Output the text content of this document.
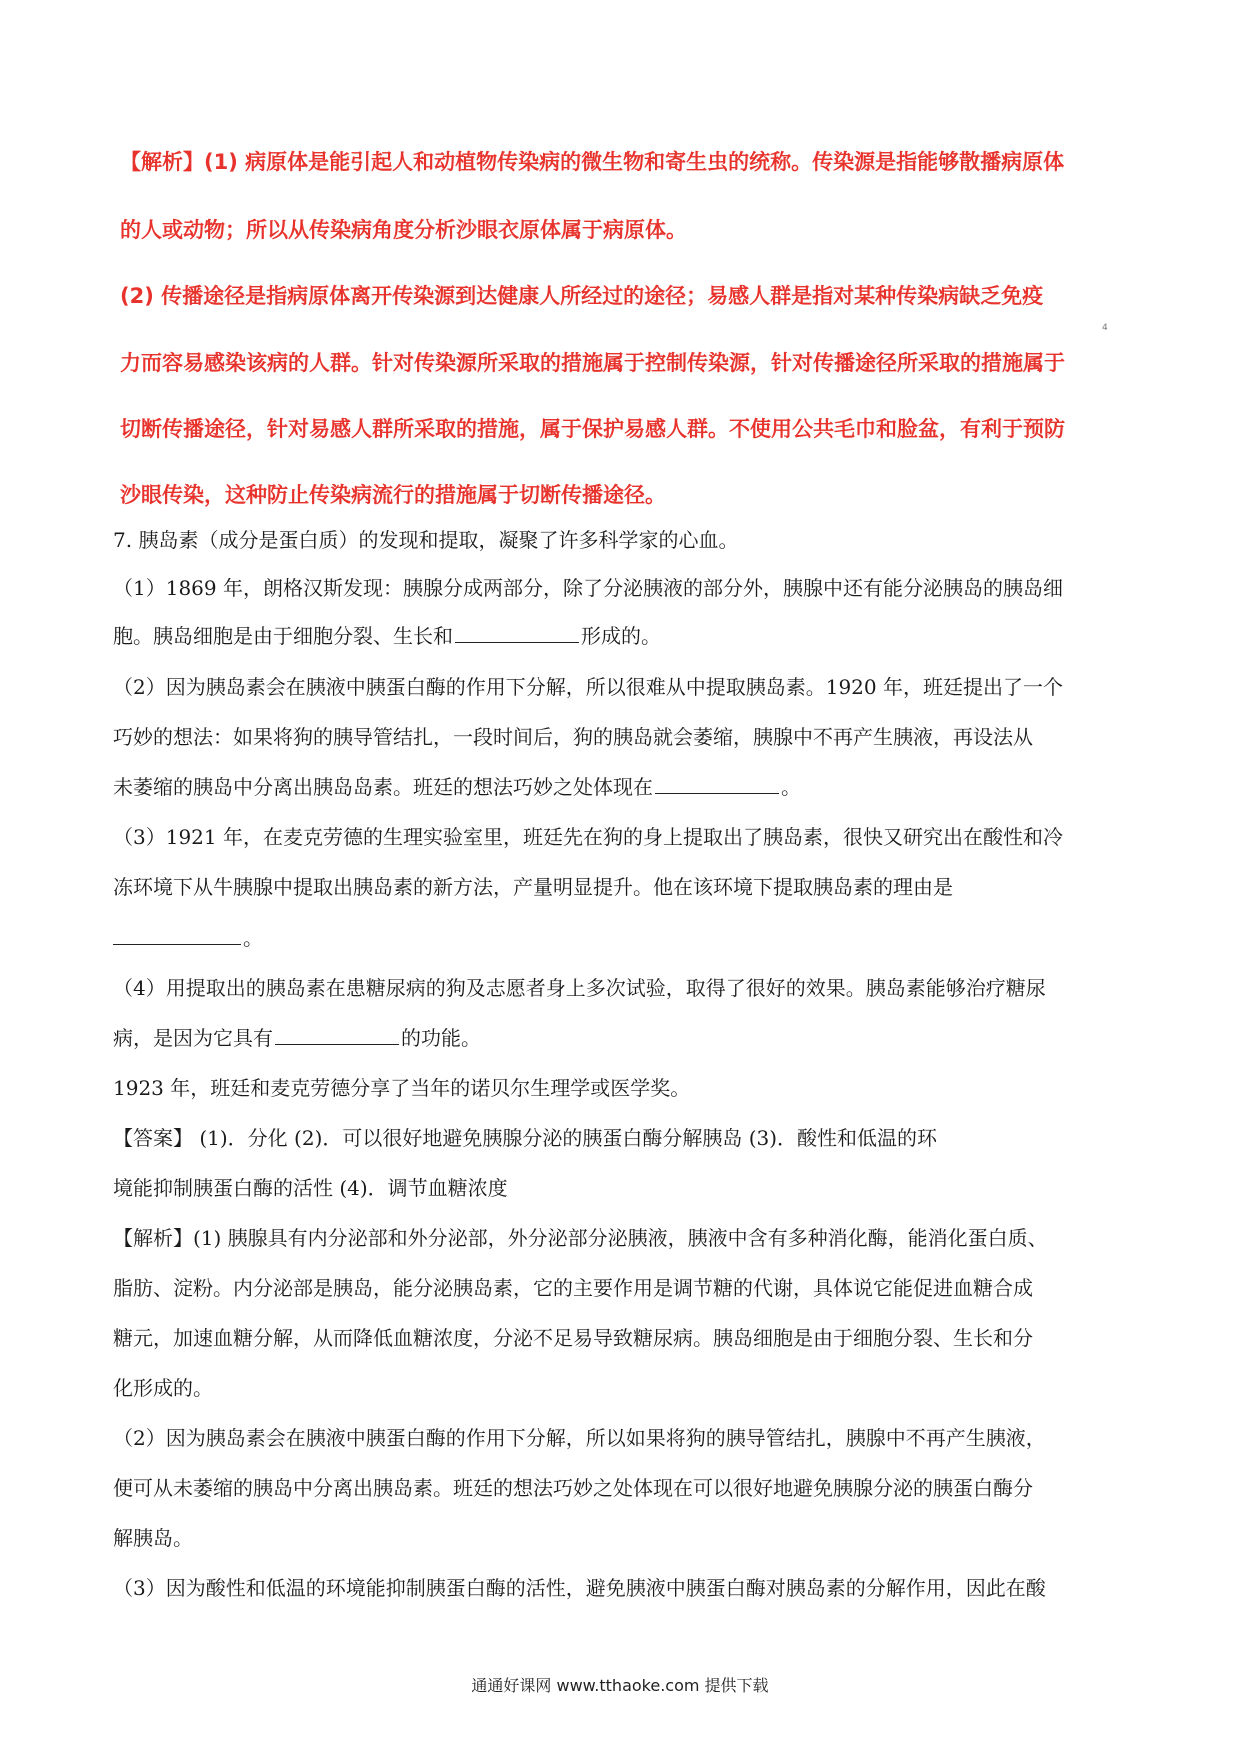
【解析】(1) 病原体是能引起人和动植物传染病的微生物和寄生虫的统称。传染源是指能够散播病原体
的人或动物；所以从传染病角度分析沙眼衣原体属于病原体。
(2) 传播途径是指病原体离开传染源到达健康人所经过的途径；易感人群是指对某种传染病缺乏免疫
力而容易感染该病的人群。针对传染源所采取的措施属于控制传染源，针对传播途径所采取的措施属于
切断传播途径，针对易感人群所采取的措施，属于保护易感人群。不使用公共毛巾和脸盆，有利于预防
沙眼传染，这种防止传染病流行的措施属于切断传播途径。
4
7. 胰岛素（成分是蛋白质）的发现和提取，凝聚了许多科学家的心血。
（1）1869 年，朗格汉斯发现：胰腺分成两部分，除了分泌胰液的部分外，胰腺中还有能分泌胰岛的胰岛细
胞。胰岛细胞是由于细胞分裂、生长和	形成的。
（2）因为胰岛素会在胰液中胰蛋白酶的作用下分解，所以很难从中提取胰岛素。1920 年，班廷提出了一个
巧妙的想法：如果将狗的胰导管结扎，一段时间后，狗的胰岛就会萎缩，胰腺中不再产生胰液，再设法从
未萎缩的胰岛中分离出胰岛岛素。班廷的想法巧妙之处体现在	。
（3）1921 年，在麦克劳德的生理实验室里，班廷先在狗的身上提取出了胰岛素，很快又研究出在酸性和冷
冻环境下从牛胰腺中提取出胰岛素的新方法，产量明显提升。他在该环境下提取胰岛素的理由是
。
（4）用提取出的胰岛素在患糖尿病的狗及志愿者身上多次试验，取得了很好的效果。胰岛素能够治疗糖尿
病，是因为它具有	的功能。
1923 年，班廷和麦克劳德分享了当年的诺贝尔生理学或医学奖。
【答案】 (1)．分化 (2)．可以很好地避免胰腺分泌的胰蛋白酶分解胰岛 (3)．酸性和低温的环
境能抑制胰蛋白酶的活性 (4)．调节血糖浓度
【解析】(1) 胰腺具有内分泌部和外分泌部，外分泌部分泌胰液，胰液中含有多种消化酶，能消化蛋白质、
脂肪、淀粉。内分泌部是胰岛，能分泌胰岛素，它的主要作用是调节糖的代谢，具体说它能促进血糖合成
糖元，加速血糖分解，从而降低血糖浓度，分泌不足易导致糖尿病。胰岛细胞是由于细胞分裂、生长和分
化形成的。
（2）因为胰岛素会在胰液中胰蛋白酶的作用下分解，所以如果将狗的胰导管结扎，胰腺中不再产生胰液，
便可从未萎缩的胰岛中分离出胰岛素。班廷的想法巧妙之处体现在可以很好地避免胰腺分泌的胰蛋白酶分
解胰岛。
（3）因为酸性和低温的环境能抑制胰蛋白酶的活性，避免胰液中胰蛋白酶对胰岛素的分解作用，因此在酸
通通好课网 www.tthaoke.com 提供下载
